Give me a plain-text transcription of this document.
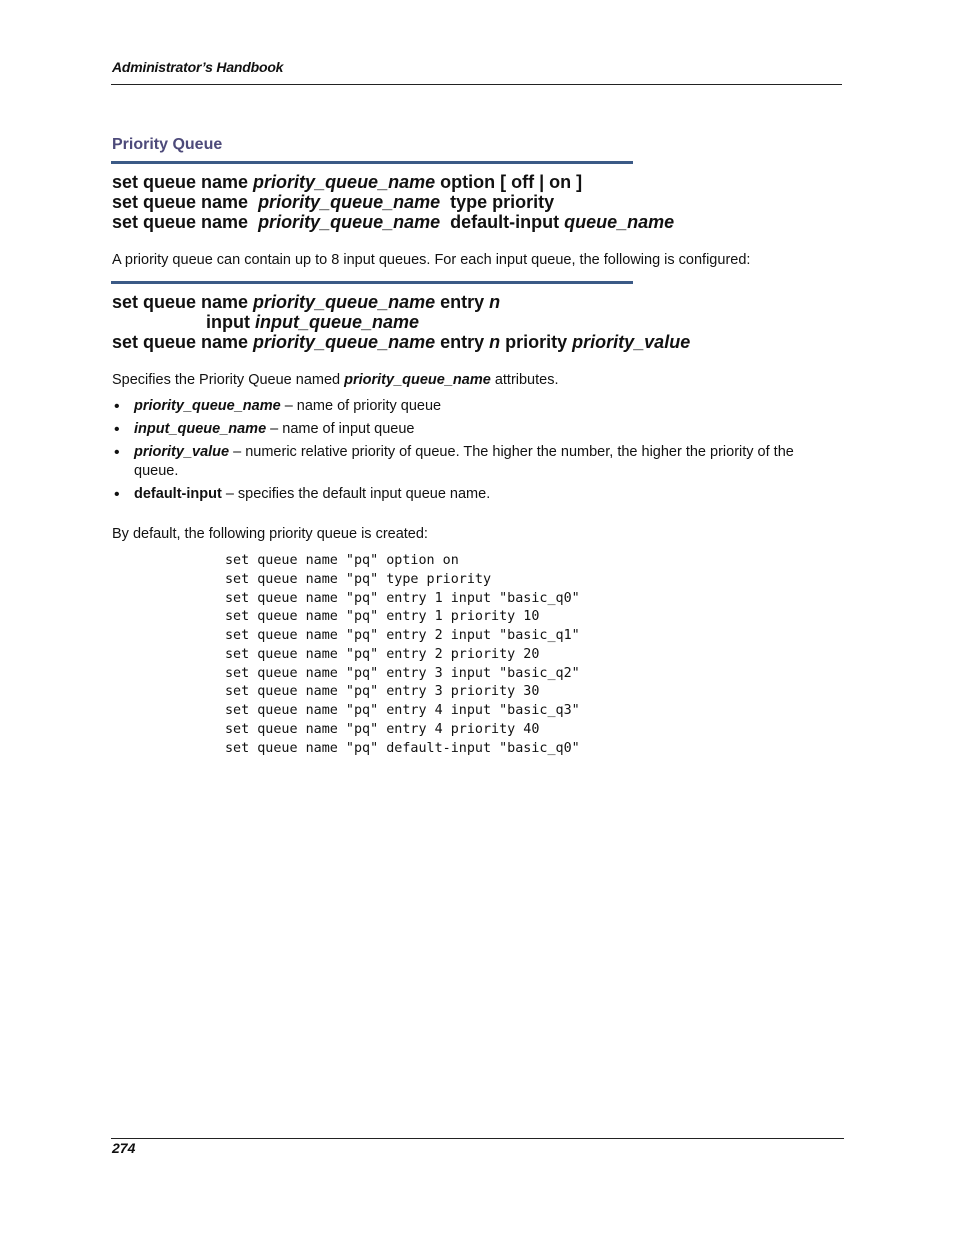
Administrator’s Handbook
Priority Queue
set queue name priority_queue_name option [ off | on ]
set queue name  priority_queue_name  type priority
set queue name  priority_queue_name  default-input queue_name
A priority queue can contain up to 8 input queues. For each input queue, the following is configured:
set queue name priority_queue_name entry n
input input_queue_name
set queue name priority_queue_name entry n priority priority_value
Specifies the Priority Queue named priority_queue_name attributes.
• priority_queue_name – name of priority queue
• input_queue_name – name of input queue
• priority_value – numeric relative priority of queue. The higher the number, the higher the priority of the queue.
• default-input – specifies the default input queue name.
By default, the following priority queue is created:
set queue name "pq" option on
set queue name "pq" type priority
set queue name "pq" entry 1 input "basic_q0"
set queue name "pq" entry 1 priority 10
set queue name "pq" entry 2 input "basic_q1"
set queue name "pq" entry 2 priority 20
set queue name "pq" entry 3 input "basic_q2"
set queue name "pq" entry 3 priority 30
set queue name "pq" entry 4 input "basic_q3"
set queue name "pq" entry 4 priority 40
set queue name "pq" default-input "basic_q0"
274
